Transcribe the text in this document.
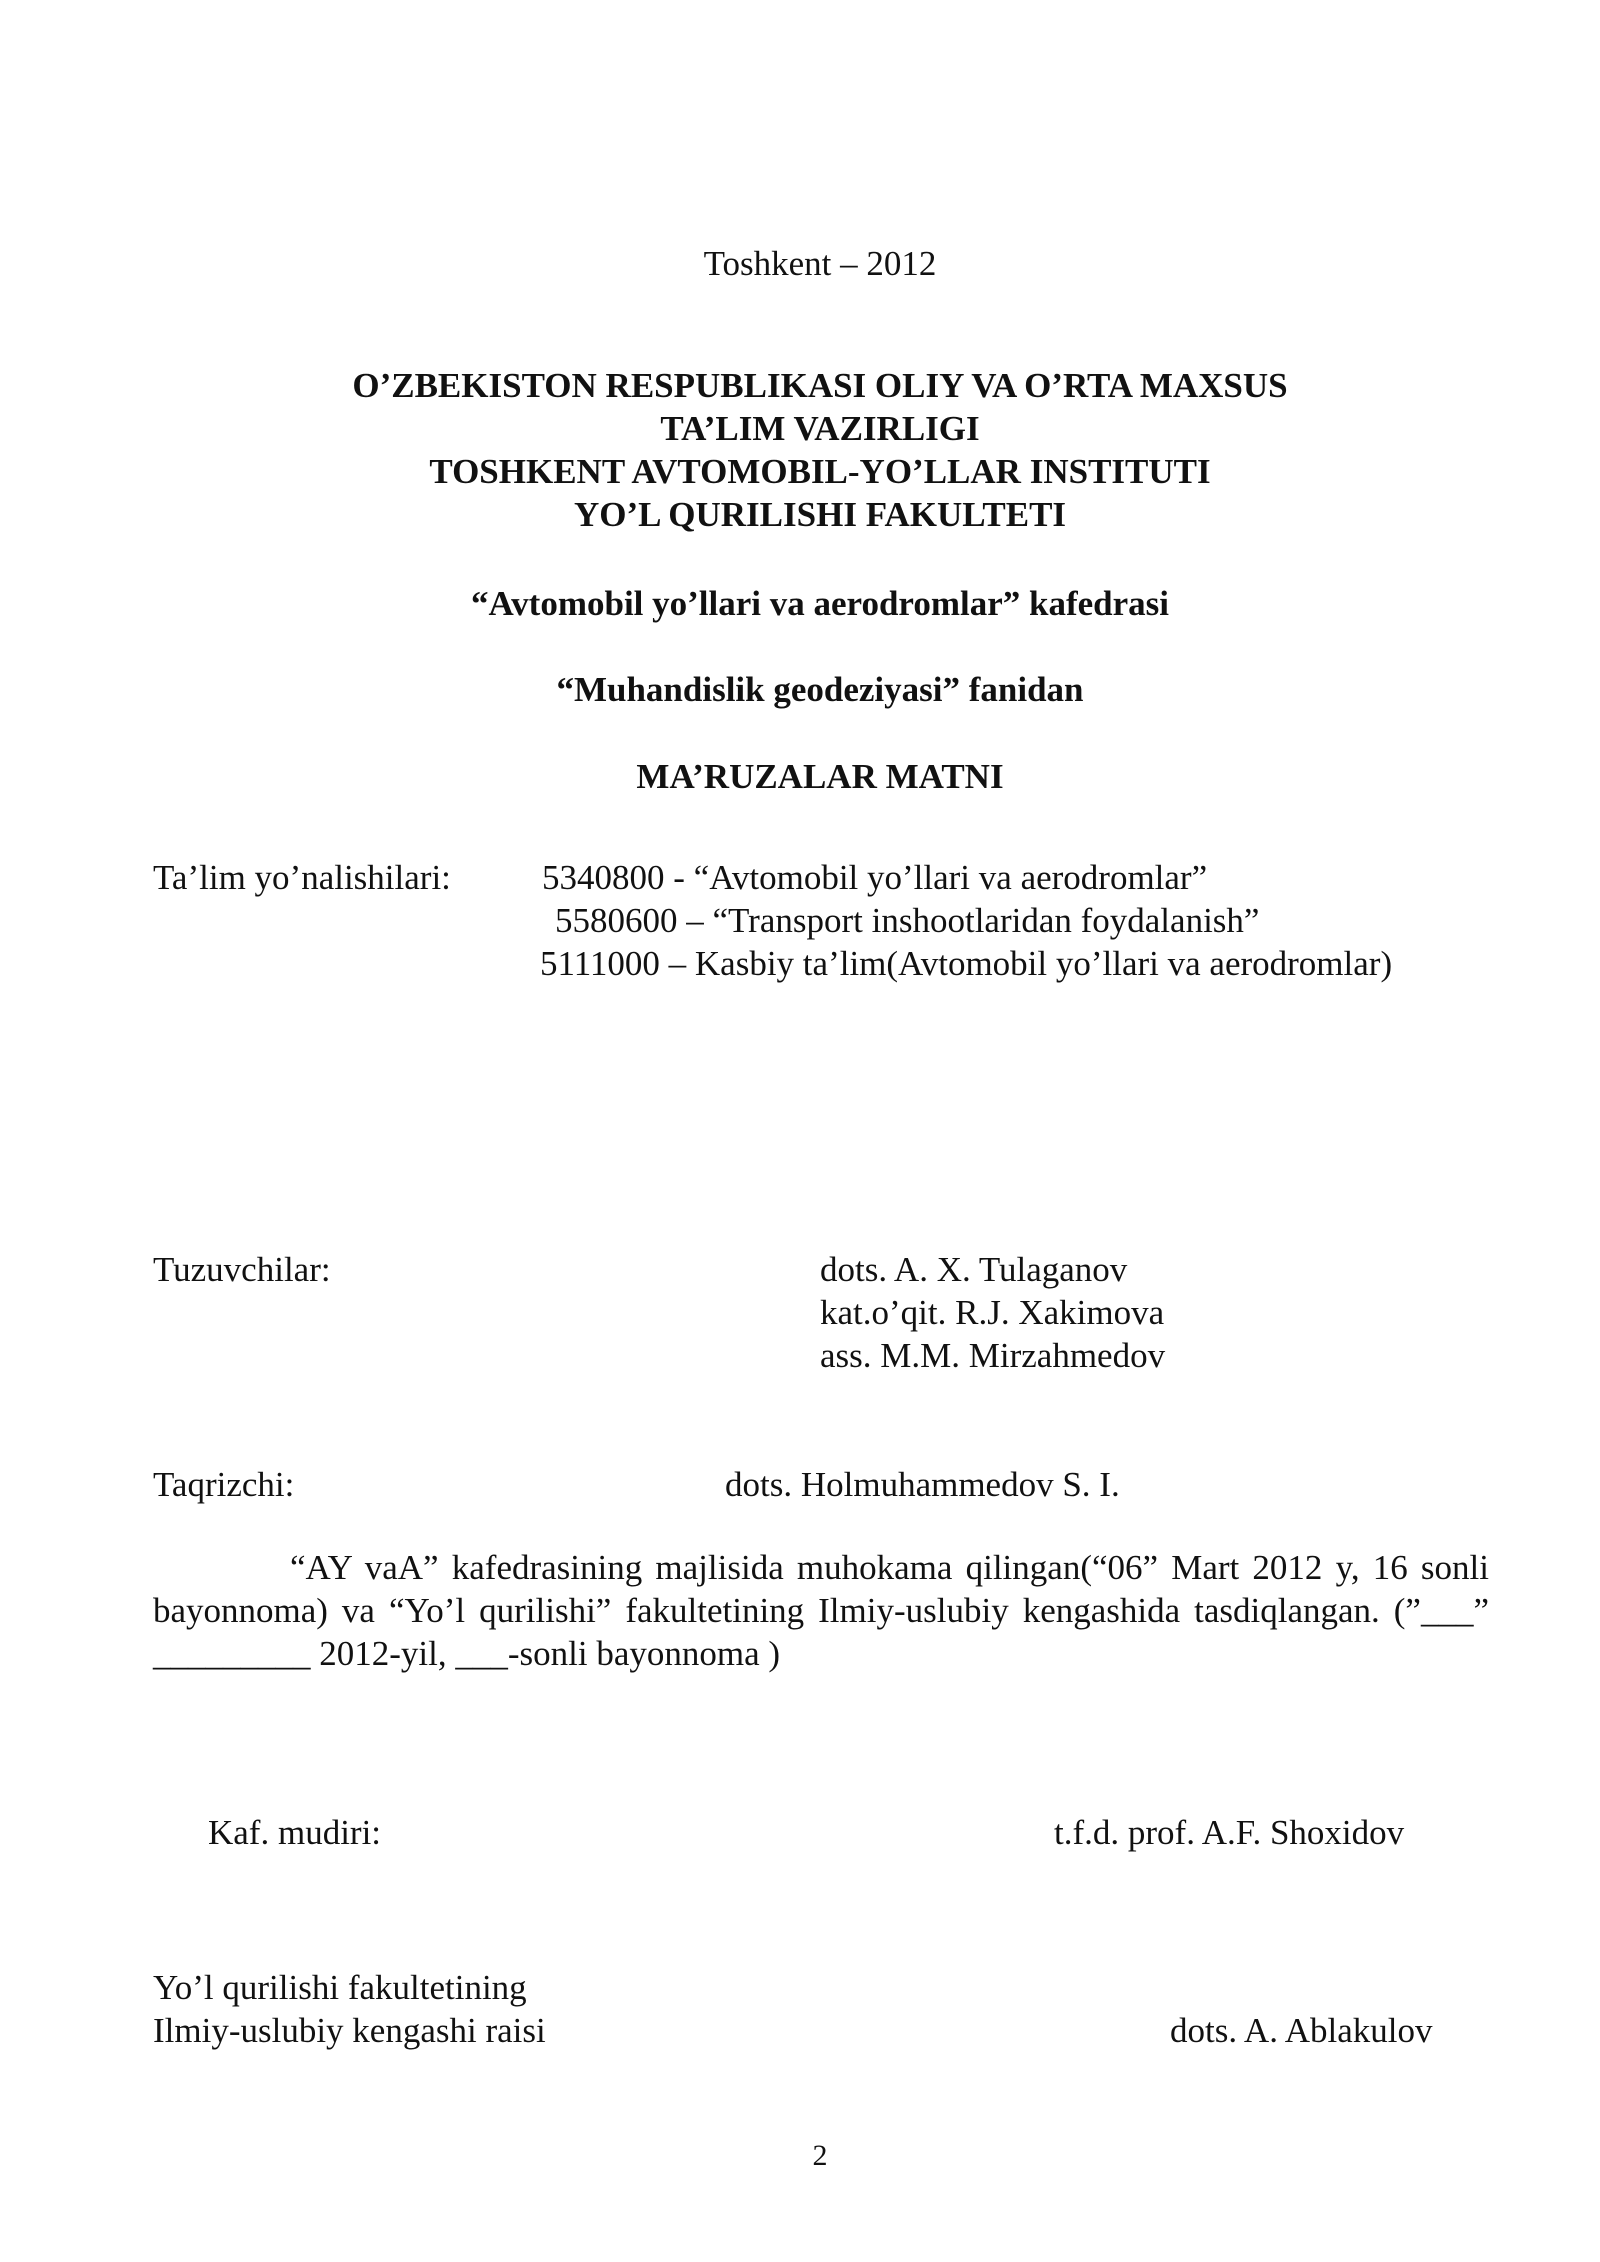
Toshkent – 2012
O’ZBEKISTON RESPUBLIKASI OLIY VA O’RTA MAXSUS
TA’LIM VAZIRLIGI
TOSHKENT AVTOMOBIL-YO’LLAR INSTITUTI
YO’L QURILISHI FAKULTETI
“Avtomobil yo’llari va aerodromlar” kafedrasi
“Muhandislik geodeziyasi” fanidan
MA’RUZALAR MATNI
Ta’lim yo’nalishilari:	5340800 - “Avtomobil yo’llari va aerodromlar”
5580600 – “Transport inshootlaridan foydalanish”
5111000 – Kasbiy ta’lim(Avtomobil yo’llari va aerodromlar)
Tuzuvchilar:	dots. A. X. Tulaganov
kat.o’qit. R.J. Xakimova
ass. M.M. Mirzahmedov
Taqrizchi:	dots. Holmuhammedov S. I.

“AY vaA” kafedrasining majlisida muhokama qilingan(“06” Mart 2012 y, 16 sonli bayonnoma) va “Yo’l qurilishi” fakultetining Ilmiy-uslubiy kengashida tasdiqlangan. (”___” _________ 2012-yil, ___-sonli bayonnoma )

Kaf. mudiri:	t.f.d. prof. A.F. Shoxidov
Yo’l qurilishi fakultetining
Ilmiy-uslubiy kengashi raisi	dots. A. Ablakulov
2
